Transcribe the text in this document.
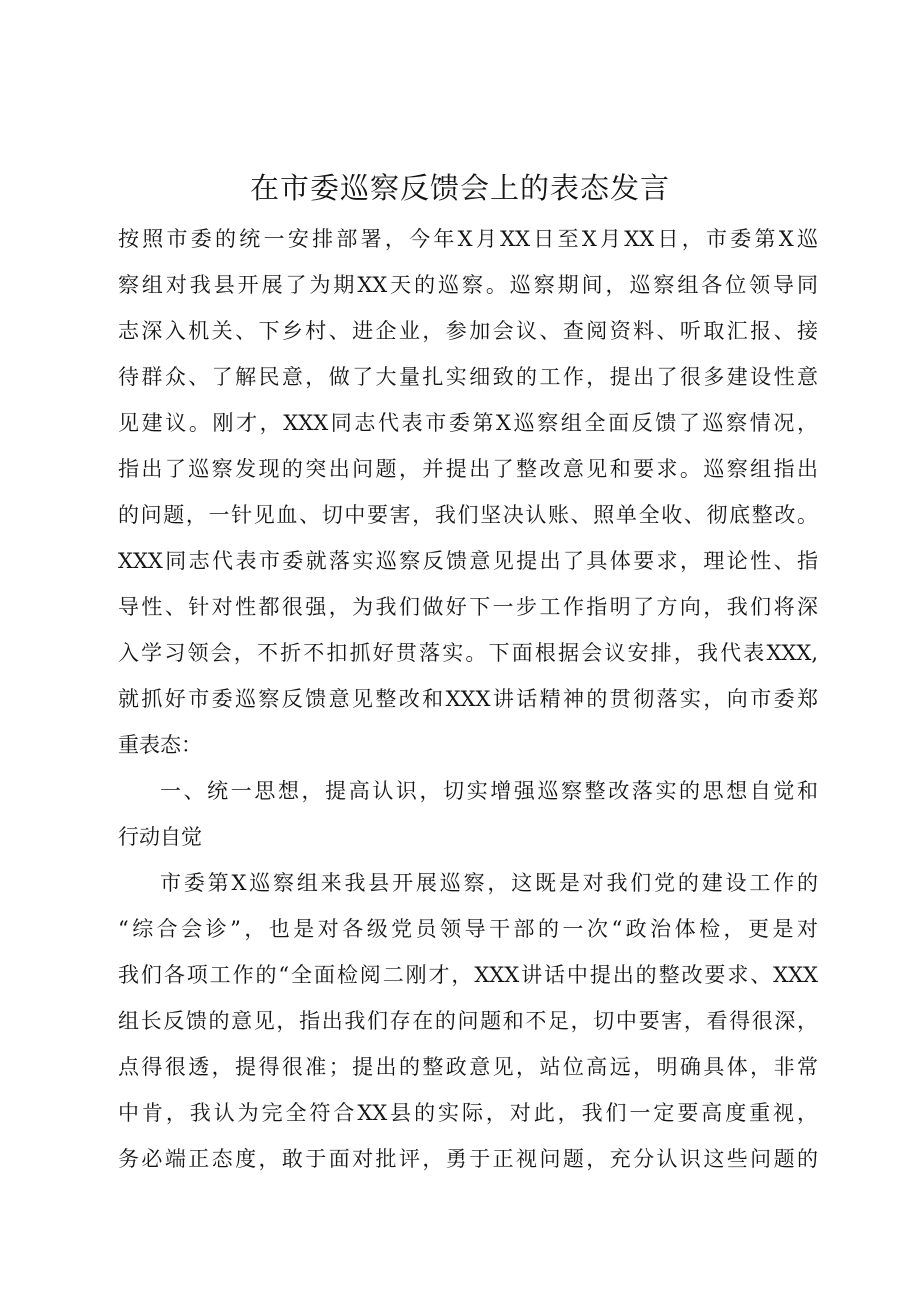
在市委巡察反馈会上的表态发言

按照市委的统一安排部署，今年X月XX日至X月XX日，市委第X巡

察组对我县开展了为期XX天的巡察。巡察期间，巡察组各位领导同

志深入机关、下乡村、进企业，参加会议、查阅资料、听取汇报、接

待群众、了解民意，做了大量扎实细致的工作，提出了很多建设性意

见建议。刚才，XXX同志代表市委第X巡察组全面反馈了巡察情况，

指出了巡察发现的突出问题，并提出了整改意见和要求。巡察组指出

的问题，一针见血、切中要害，我们坚决认账、照单全收、彻底整改。

XXX同志代表市委就落实巡察反馈意见提出了具体要求，理论性、指

导性、针对性都很强，为我们做好下一步工作指明了方向，我们将深

入学习领会，不折不扣抓好贯落实。下面根据会议安排，我代表XXX,

就抓好市委巡察反馈意见整改和XXX讲话精神的贯彻落实，向市委郑

重表态：

一、统一思想，提高认识，切实增强巡察整改落实的思想自觉和

行动自觉

市委第X巡察组来我县开展巡察，这既是对我们党的建设工作的

“综合会诊”，也是对各级党员领导干部的一次“政治体检，更是对

我们各项工作的“全面检阅二刚才，XXX讲话中提出的整改要求、XXX

组长反馈的意见，指出我们存在的问题和不足，切中要害，看得很深，

点得很透，提得很准；提出的整政意见，站位高远，明确具体，非常

中肯，我认为完全符合XX县的实际，对此，我们一定要高度重视，

务必端正态度，敢于面对批评，勇于正视问题，充分认识这些问题的
